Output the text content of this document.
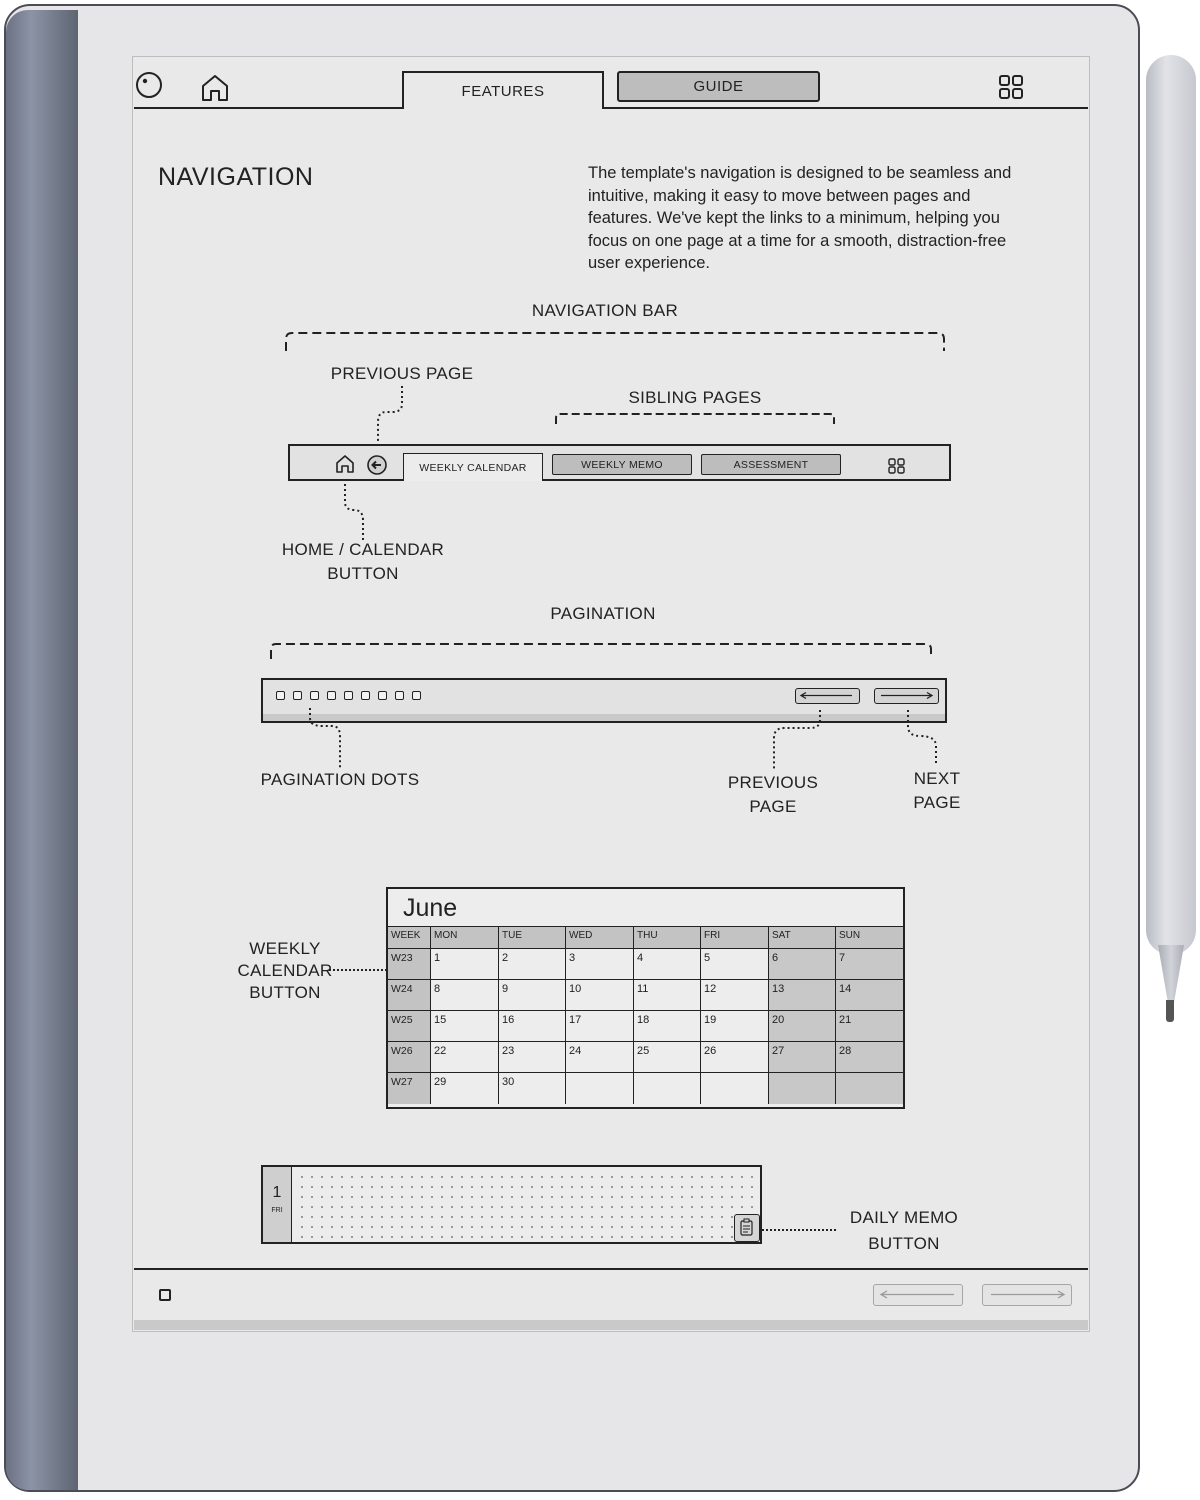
FEATURES	GUIDE
NAVIGATION	The template's navigation is designed to be seamless and intuitive, making it easy to move between pages and features. We've kept the links to a minimum, helping you focus on one page at a time for a smooth, distraction-free user experience.
NAVIGATION BAR
PREVIOUS PAGE
SIBLING PAGES
WEEKLY CALENDAR	WEEKLY MEMO	ASSESSMENT
HOME / CALENDAR
BUTTON
PAGINATION
PAGINATION DOTS	PREVIOUS
PAGE
NEXT
PAGE
WEEKLY
CALENDAR
BUTTON
June
WEEK	MON	TUE	WED	THU	FRI	SAT	SUN
W23	1	2	3	4	5	6	7
W24	8	9	10	11	12	13	14
W25	15	16	17	18	19	20	21
W26	22	23	24	25	26	27	28
W27	29	30
1
FRI	DAILY MEMO
BUTTON
